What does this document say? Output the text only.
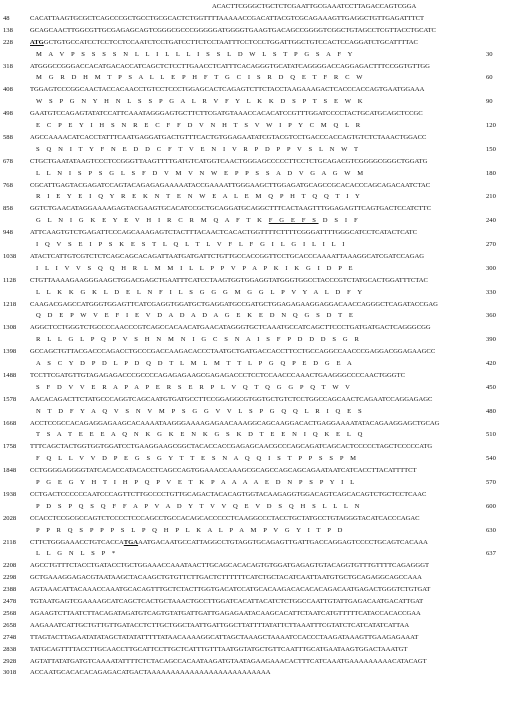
ACACTTCGGGCTGCTCTCGAATTGCGAAATCCTTAGACCAGTCGGA
48	CACATTAAGTGCGCTCAGCCCGCTGCCTGCGCACTCTGGTTTTAAAAACCGACATTACGTCGCAGAAAGTTGAGGCTGTTGAGATTTCT
138	GCAGCAACTTGGCGTTGCGAGAGCAGTCGGGCGCCCGGGGGATGGGGTGAAGTGACAGCCGGGGTCGGCTGTAGCCTCGTTACCTGCATC
228	ATGGCTGTGCCATCCTCCTCCTCCAATCTCCTGATCCTTCTCCTAATTTCCTCCCTGGATTGGCTGTCCACTCCAGGATCTGCATTTTAC
M A V P S S S S N L L I L L L I S S L D W L S T P G S A F Y	30
318	ATGGGCCGGGACCACATGACACCATCAGCTCTCCTTGAACCTCATTTCACAGGGTGCATATCAGGGGACCAGGAGACTTTCCGGTGTTGG
M G R D H M T P S A L L E P H F T G C I S R D Q E T F R C W	60
408	TGGAGTCCCGGCAACTACCACAACCTGTCCTCCCTGGAGCACTCAGAGTCTTCTACCTAAGAAAGACTCACCCACCAGTGAATGGAAA
W S P G N Y H N L S S P G A L R V F Y L K K D S P T S E W K	90
498	GAATGTCCAGAGTATATCCATTCAAATAGGGAGTGCTTCTTCGATGTAAACCACACATCCGTTTGGATCCCCTACTGCATGCAGCTCCGC
E C P E Y I H S N R E C F F D V N H T S V W I P Y C M Q L R	120
588	AGCCAAAACATCACCTATTTCAATGAGGATGACTGTTTCACTGTGGAGAATATCGTACGTCCTGACCCACCAGTGTCTCTAAACTGGACC
S Q N I T Y F N E D D C F T V E N I V R P D P P V S L N W T	150
678	CTGCTGAATATAAGTCCCTCCGGGTTAAGTTTTGATGTCATGGTCAACTGGGAGCCCCCTTCCTCTGCAGACGTCGGGGCGGGCTGGATG
L L N I S P S G L S F D V M V N W E P P S S A D V G A G W M	180
768	CGCATTGAGTACGAGATCCAGTACAGAGAGAAAAATACCGAAAATTGGGAAGCTTGGAGATGCAGCCGCACACCCAGCAGACAATCTAC
R I E Y E I Q Y R E K N T E N W E A L E M Q P H T Q Q T I Y	210
858	GGTCTGAACATAGGAAAAGAGTACGAAGTGCACATCCGCTGCAGGATGCAGGCTTTCACTAAGTTTGGAGAGTTCAGTGACTCCATCTTC
G L N I G K E Y E V H I R C R M Q A F T K F G E F S D S I F	240
948	ATTCAAGTGTCTGAGATTCCCAGCAAAGAGTCTACTTTACAACTCACACTGGTTTTCTTTTCGGGATTTTGGGCATCCTCATACTCATC
I Q V S E I P S K E S T L Q L T L V F L F G I L G I L I L I	270
1038	ATACTCATTGTCGTCTCTCAGCAGCACAGATTAATGATGATTCTGTTGCCACCGGTTCCTGCACCCAAAATTAAAGGCATCGATCCAGAG
I L I V V S Q Q H R L M M I L L P P V P A P K I K G I D P E	300
1128	CTGTTAAAAGAAGGGAAGCTGGACGAGCTGAATTTCATCCTAAGTGGTGGAGGTATGGGTGGCCTACCCGTCTATGCACTGGATTTCTAC
L L K K G K L D E L N F I L S G G G M G G L P V Y A L D F Y	330
1218	CAAGACGAGCCATGGGTGGAGTTCATCGAGGTGGATGCTGAGGATGCCGATGCTGGAGAGAAGGAGGACAACCAGGGCTCAGATACCGAG
Q D E P W V E F I E V D A D A D A G E K E D N Q G S D T E	360
1308	AGGCTCCTGGGTCTGCCCCAACCCGTCAGCCACAACATGAACATAGGGTGCTCAAATGCCATCAGCTTCCCTGATGATGACTCAGGGCGG
R L L G L P Q P V S H N M N I G C S N A I S F P D D D S G R	390
1398	GCCAGCTGTTACGACCCAGACCTGCCCGACCAAGACACCCTAATGCTGATGACCACCTTCCTGCCAGGCCAACCCGAGGACGGAGAAGCC
A S C Y D P D L P D Q D T L M L M T T L P G Q P E D G E A	420
1488	TCCTTCGATGTTGTAGAGAGACCCGCCCCAGAGAGAAGCGAGAGACCCTCCTCCAACCCAAACTGAAGGGCCCCAACTGGGTC
S F D V V E R A P A P E R S E R P L V Q T Q G G P Q T W V	450
1578	AACACAGACTTCTATGCCCAGGTCAGCAATGTGATGCCTTCCGGAGGCGTGGTGCTGTCTCCTGGCCAGCAACTCAGAATCCAGGAGAGC
N T D F Y A Q V S N V M P S G G V V L S P G Q Q L R I Q E S	480
1668	ACCTCCGCCACAGAGGAGAAGCACAAAATAAGGGAAAAGAGAACAAAGGCAGCAAGGACACTGAGGAAAATATACAGAAGGAGCTGCAG
T S A T E E E A Q N K G K E N K G S K D T E E N I Q K E L Q	510
1758	TTTCAGCTACTGGTGGTGGATCCTGAAGGAAGCGGCTACACCACCGAGAGCAACGCCCAGCAGATCAGCACTCCCCCTAGCTCCCCCATG
F Q L L V V D P E G S G Y T T E S N A Q Q I S T P P S S P M	540
1848	CCTGGGGAGGGGTATCACACCATACACCTCAGCCAGTGGAAACCAAAGCGCAGCCAGCAGCAGAATAATCATCACCTTACATTTTCT
P G E G Y H T I H P Q P V E T K P A A A A E D N P S P Y I L	570
1938	CCTGACTCCCCCCAATCCCAGTTCTTGCCCCTGTTGCAGACTACACAGTGGTACAAGAGGTGGACAGTCAGCACAGTCTGCTCCTCAAC
P D S P Q S Q F F A P V A D Y T V V Q E V D S Q H S L L L N	600
2028	CCACCTCCGCGCCAGTCTCCCCTCCCAGCCTGCCACAGCACCCCCTCAAGGCCCTACCTGCTATGCCTGTAGGGTACATCACCCAGAC
P P R Q S P P P S L P Q H P L K A L P A M P V G Y I T P D	630
2118	CTTCTGGGAAACCTGTCACCATGAAATGACAATGCCATTAGGCCTGTAGGTGCAGAGTTGATTGACCAGGAGTCCCCTGCAGTCACAAA
L L G N L S P *	637
2208	AGCCTGTTTCTACCTGATACCTGCTGGAAACCAAATAACTTGCAGCACACAGTGTGGATGAGAGTGTACAGGTGTTTGTTTTCAGAGGGT
2298	GCTGAAAGGAGACGTAATAAGCTACAAGCTGTGTTCTTGACTCTTTTTTCATCTGCTACATCAATTAATGTGCTGCAGAGGCAGCCAAA
2388	AGTAAACATTACAAACCAAATGCACAGTTTGCTCTACTTGGTGACATCCATGCACAAGACACACACAGACAATGAGACTGGGTCTGTGAT
2478	TGTAATGAGTCGAAAAGCATCAGCTCACTGCTAAACTGCCTTGGATCACATTACATCTCTGGCCAATTGTATTGAGACAATGACATTGAT
2568	AGAAGTCTTAATCTTACAGATAGATGTCAGTGTATGATTGATTGAGAGAATACAAGCACATTCTAATCATGTTTTTCATACCACACCGAA
2658	AAGAAATCATTGCTGTTGTTGATACCTCTTGCTGGCTAATTGATTGGCTTATTTTATATTCTTAAATTTCGTATCTCATCATATCATTAA
2748	TTAGTACTTAGAATATATAGCTATATATTTTTATAACAAAAGGCATTAGCTAAAGCTAAAATCCACCCTAAGATAAAGTTGAAGAGAAAT
2838	TATGCAGTTTTACCTTGCAACCTTGCATTCCTTGCTCATTTGTTTAATGGTATGCTGTTCAATTTGCATGAATAAGTGGACTAAATGT
2928	AGTATTATATGATGTCAAAATATTTTCTCTACAGCCACAATAAGATGTAATAGAAGAAACACTTTCATCAAATGAAAAAAAAACATACAGT
3018	ACCAATGCACACACAGAGACATGACTAAAAAAAAAAAAAAAAAAAAAAAAAA
